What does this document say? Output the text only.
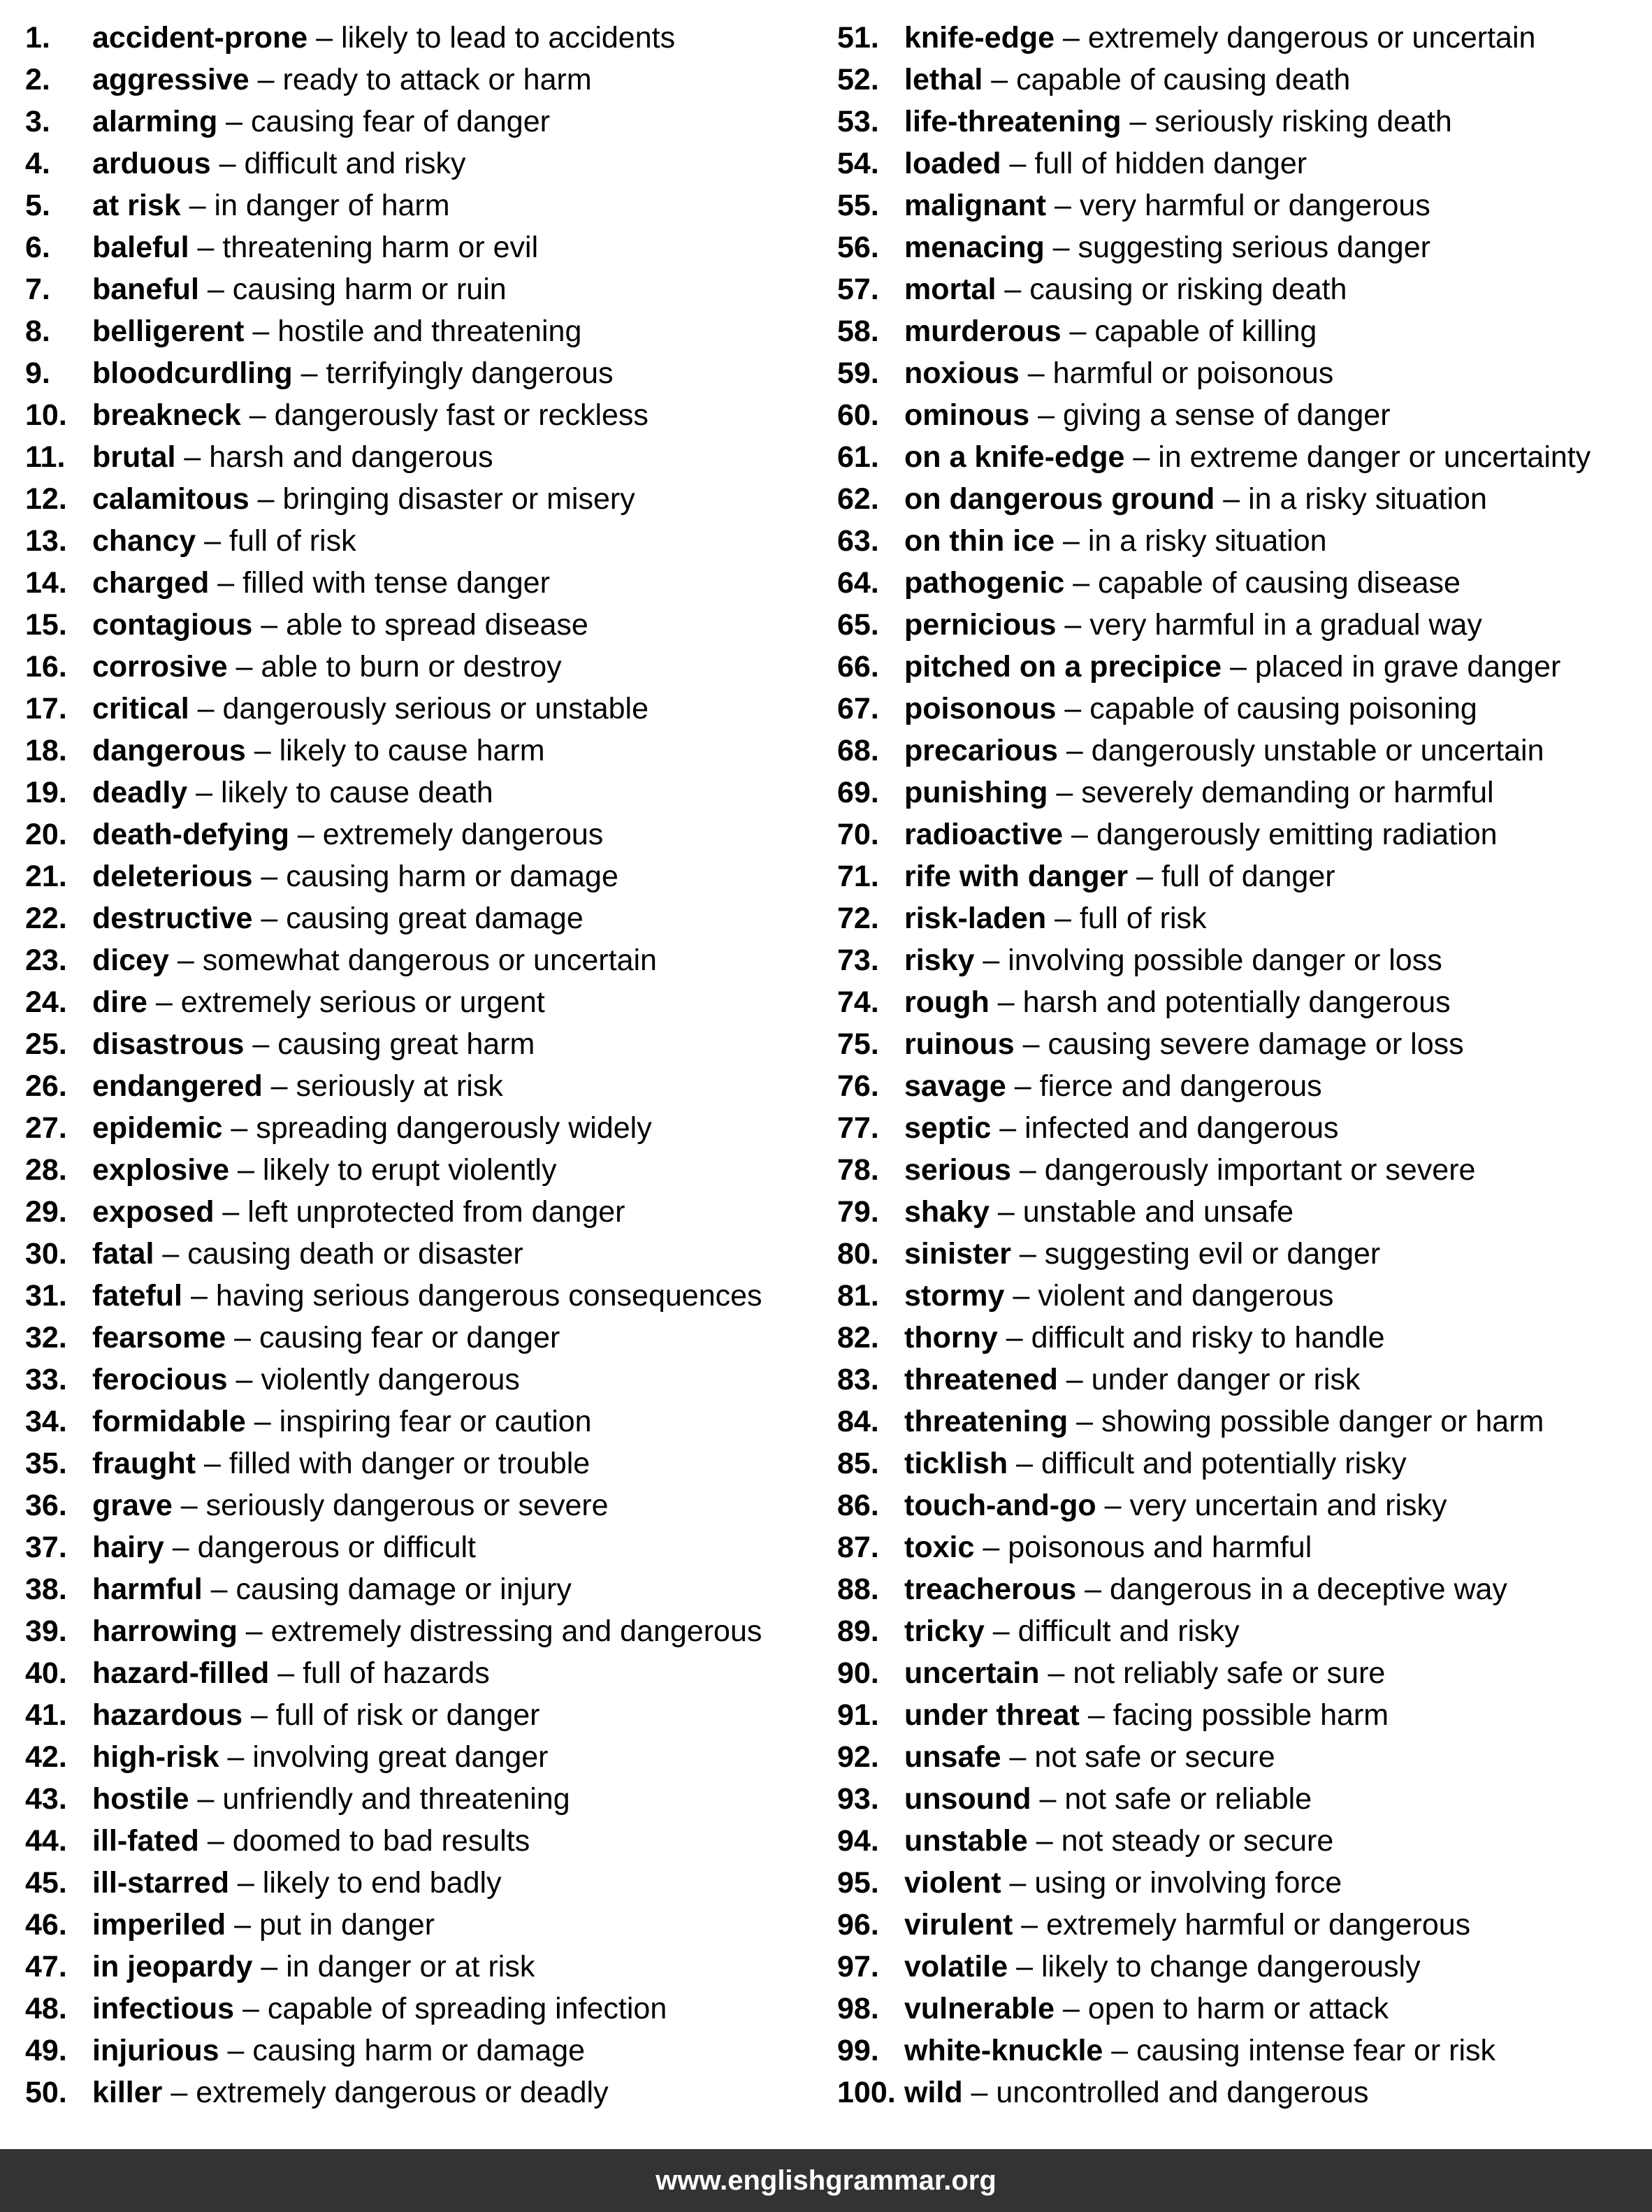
1. accident-prone – likely to lead to accidents
2. aggressive – ready to attack or harm
3. alarming – causing fear of danger
4. arduous – difficult and risky
5. at risk – in danger of harm
6. baleful – threatening harm or evil
7. baneful – causing harm or ruin
8. belligerent – hostile and threatening
9. bloodcurdling – terrifyingly dangerous
10. breakneck – dangerously fast or reckless
11. brutal – harsh and dangerous
12. calamitous – bringing disaster or misery
13. chancy – full of risk
14. charged – filled with tense danger
15. contagious – able to spread disease
16. corrosive – able to burn or destroy
17. critical – dangerously serious or unstable
18. dangerous – likely to cause harm
19. deadly – likely to cause death
20. death-defying – extremely dangerous
21. deleterious – causing harm or damage
22. destructive – causing great damage
23. dicey – somewhat dangerous or uncertain
24. dire – extremely serious or urgent
25. disastrous – causing great harm
26. endangered – seriously at risk
27. epidemic – spreading dangerously widely
28. explosive – likely to erupt violently
29. exposed – left unprotected from danger
30. fatal – causing death or disaster
31. fateful – having serious dangerous consequences
32. fearsome – causing fear or danger
33. ferocious – violently dangerous
34. formidable – inspiring fear or caution
35. fraught – filled with danger or trouble
36. grave – seriously dangerous or severe
37. hairy – dangerous or difficult
38. harmful – causing damage or injury
39. harrowing – extremely distressing and dangerous
40. hazard-filled – full of hazards
41. hazardous – full of risk or danger
42. high-risk – involving great danger
43. hostile – unfriendly and threatening
44. ill-fated – doomed to bad results
45. ill-starred – likely to end badly
46. imperiled – put in danger
47. in jeopardy – in danger or at risk
48. infectious – capable of spreading infection
49. injurious – causing harm or damage
50. killer – extremely dangerous or deadly
51. knife-edge – extremely dangerous or uncertain
52. lethal – capable of causing death
53. life-threatening – seriously risking death
54. loaded – full of hidden danger
55. malignant – very harmful or dangerous
56. menacing – suggesting serious danger
57. mortal – causing or risking death
58. murderous – capable of killing
59. noxious – harmful or poisonous
60. ominous – giving a sense of danger
61. on a knife-edge – in extreme danger or uncertainty
62. on dangerous ground – in a risky situation
63. on thin ice – in a risky situation
64. pathogenic – capable of causing disease
65. pernicious – very harmful in a gradual way
66. pitched on a precipice – placed in grave danger
67. poisonous – capable of causing poisoning
68. precarious – dangerously unstable or uncertain
69. punishing – severely demanding or harmful
70. radioactive – dangerously emitting radiation
71. rife with danger – full of danger
72. risk-laden – full of risk
73. risky – involving possible danger or loss
74. rough – harsh and potentially dangerous
75. ruinous – causing severe damage or loss
76. savage – fierce and dangerous
77. septic – infected and dangerous
78. serious – dangerously important or severe
79. shaky – unstable and unsafe
80. sinister – suggesting evil or danger
81. stormy – violent and dangerous
82. thorny – difficult and risky to handle
83. threatened – under danger or risk
84. threatening – showing possible danger or harm
85. ticklish – difficult and potentially risky
86. touch-and-go – very uncertain and risky
87. toxic – poisonous and harmful
88. treacherous – dangerous in a deceptive way
89. tricky – difficult and risky
90. uncertain – not reliably safe or sure
91. under threat – facing possible harm
92. unsafe – not safe or secure
93. unsound – not safe or reliable
94. unstable – not steady or secure
95. violent – using or involving force
96. virulent – extremely harmful or dangerous
97. volatile – likely to change dangerously
98. vulnerable – open to harm or attack
99. white-knuckle – causing intense fear or risk
100. wild – uncontrolled and dangerous
www.englishgrammar.org
